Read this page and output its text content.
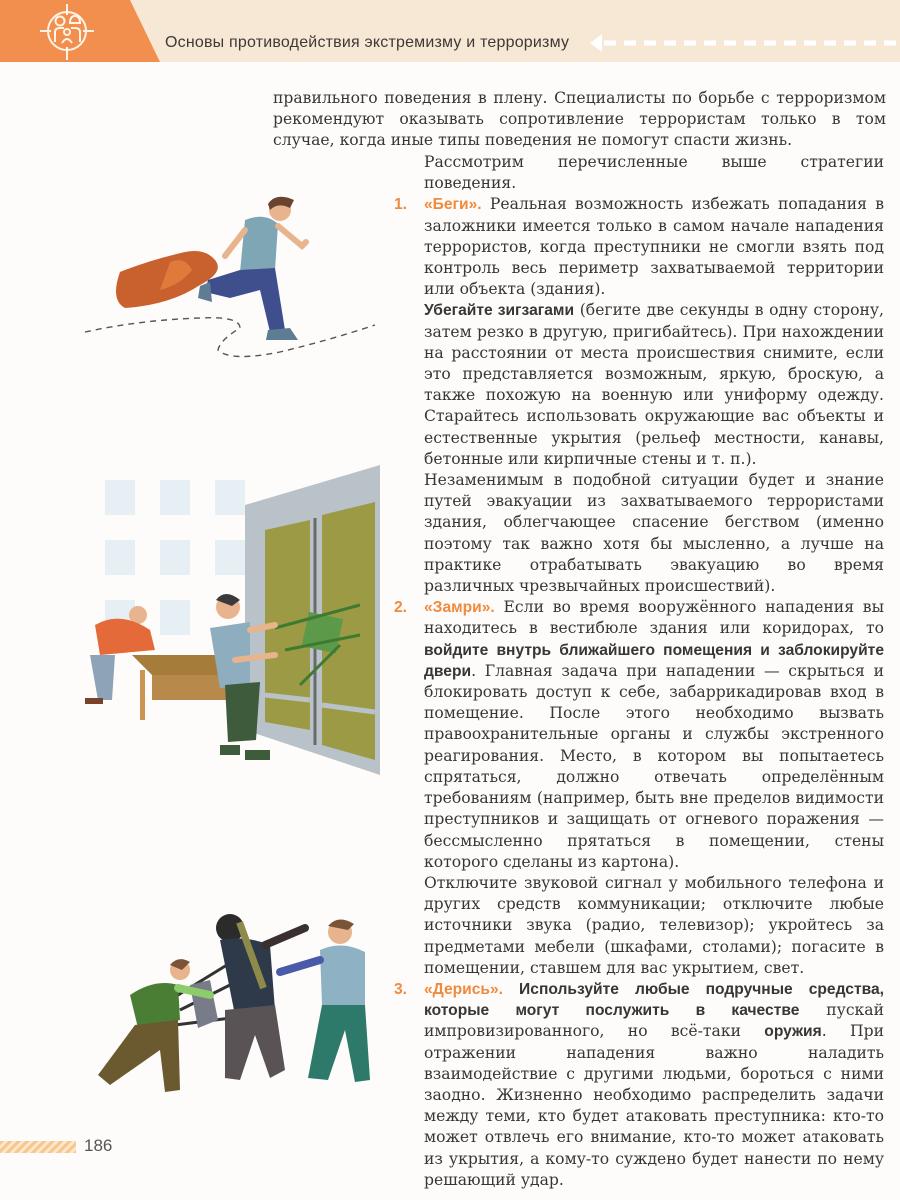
Основы противодействия экстремизму и терроризму

правильного поведения в плену. Специалисты по борьбе с терроризмом рекомендуют оказывать сопротивление террористам только в том случае, когда иные типы поведения не помогут спасти жизнь.

Рассмотрим перечисленные выше стратегии поведения.

1. «Беги». Реальная возможность избежать попадания в заложники имеется только в самом начале нападения террористов, когда преступники не смогли взять под контроль весь периметр захватываемой территории или объекта (здания).

Убегайте зигзагами (бегите две секунды в одну сторону, затем резко в другую, пригибайтесь). При нахождении на расстоянии от места происшествия снимите, если это представляется возможным, яркую, броскую, а также похожую на военную или униформу одежду. Старайтесь использовать окружающие вас объекты и естественные укрытия (рельеф местности, канавы, бетонные или кирпичные стены и т. п.).

Незаменимым в подобной ситуации будет и знание путей эвакуации из захватываемого террористами здания, облегчающее спасение бегством (именно поэтому так важно хотя бы мысленно, а лучше на практике отрабатывать эвакуацию во время различных чрезвычайных происшествий).

2. «Замри». Если во время вооружённого нападения вы находитесь в вестибюле здания или коридорах, то войдите внутрь ближайшего помещения и заблокируйте двери. Главная задача при нападении — скрыться и блокировать доступ к себе, забаррикадировав вход в помещение. После этого необходимо вызвать правоохранительные органы и службы экстренного реагирования. Место, в котором вы попытаетесь спрятаться, должно отвечать определённым требованиям (например, быть вне пределов видимости преступников и защищать от огневого поражения — бессмысленно прятаться в помещении, стены которого сделаны из картона).

Отключите звуковой сигнал у мобильного телефона и других средств коммуникации; отключите любые источники звука (радио, телевизор); укройтесь за предметами мебели (шкафами, столами); погасите в помещении, ставшем для вас укрытием, свет.

3. «Дерись». Используйте любые подручные средства, которые могут послужить в качестве пускай импровизированного, но всё-таки оружия. При отражении нападения важно наладить взаимодействие с другими людьми, бороться с ними заодно. Жизненно необходимо распределить задачи между теми, кто будет атаковать преступника: кто-то может отвлечь его внимание, кто-то может атаковать из укрытия, а кому-то суждено будет нанести по нему решающий удар.

186
